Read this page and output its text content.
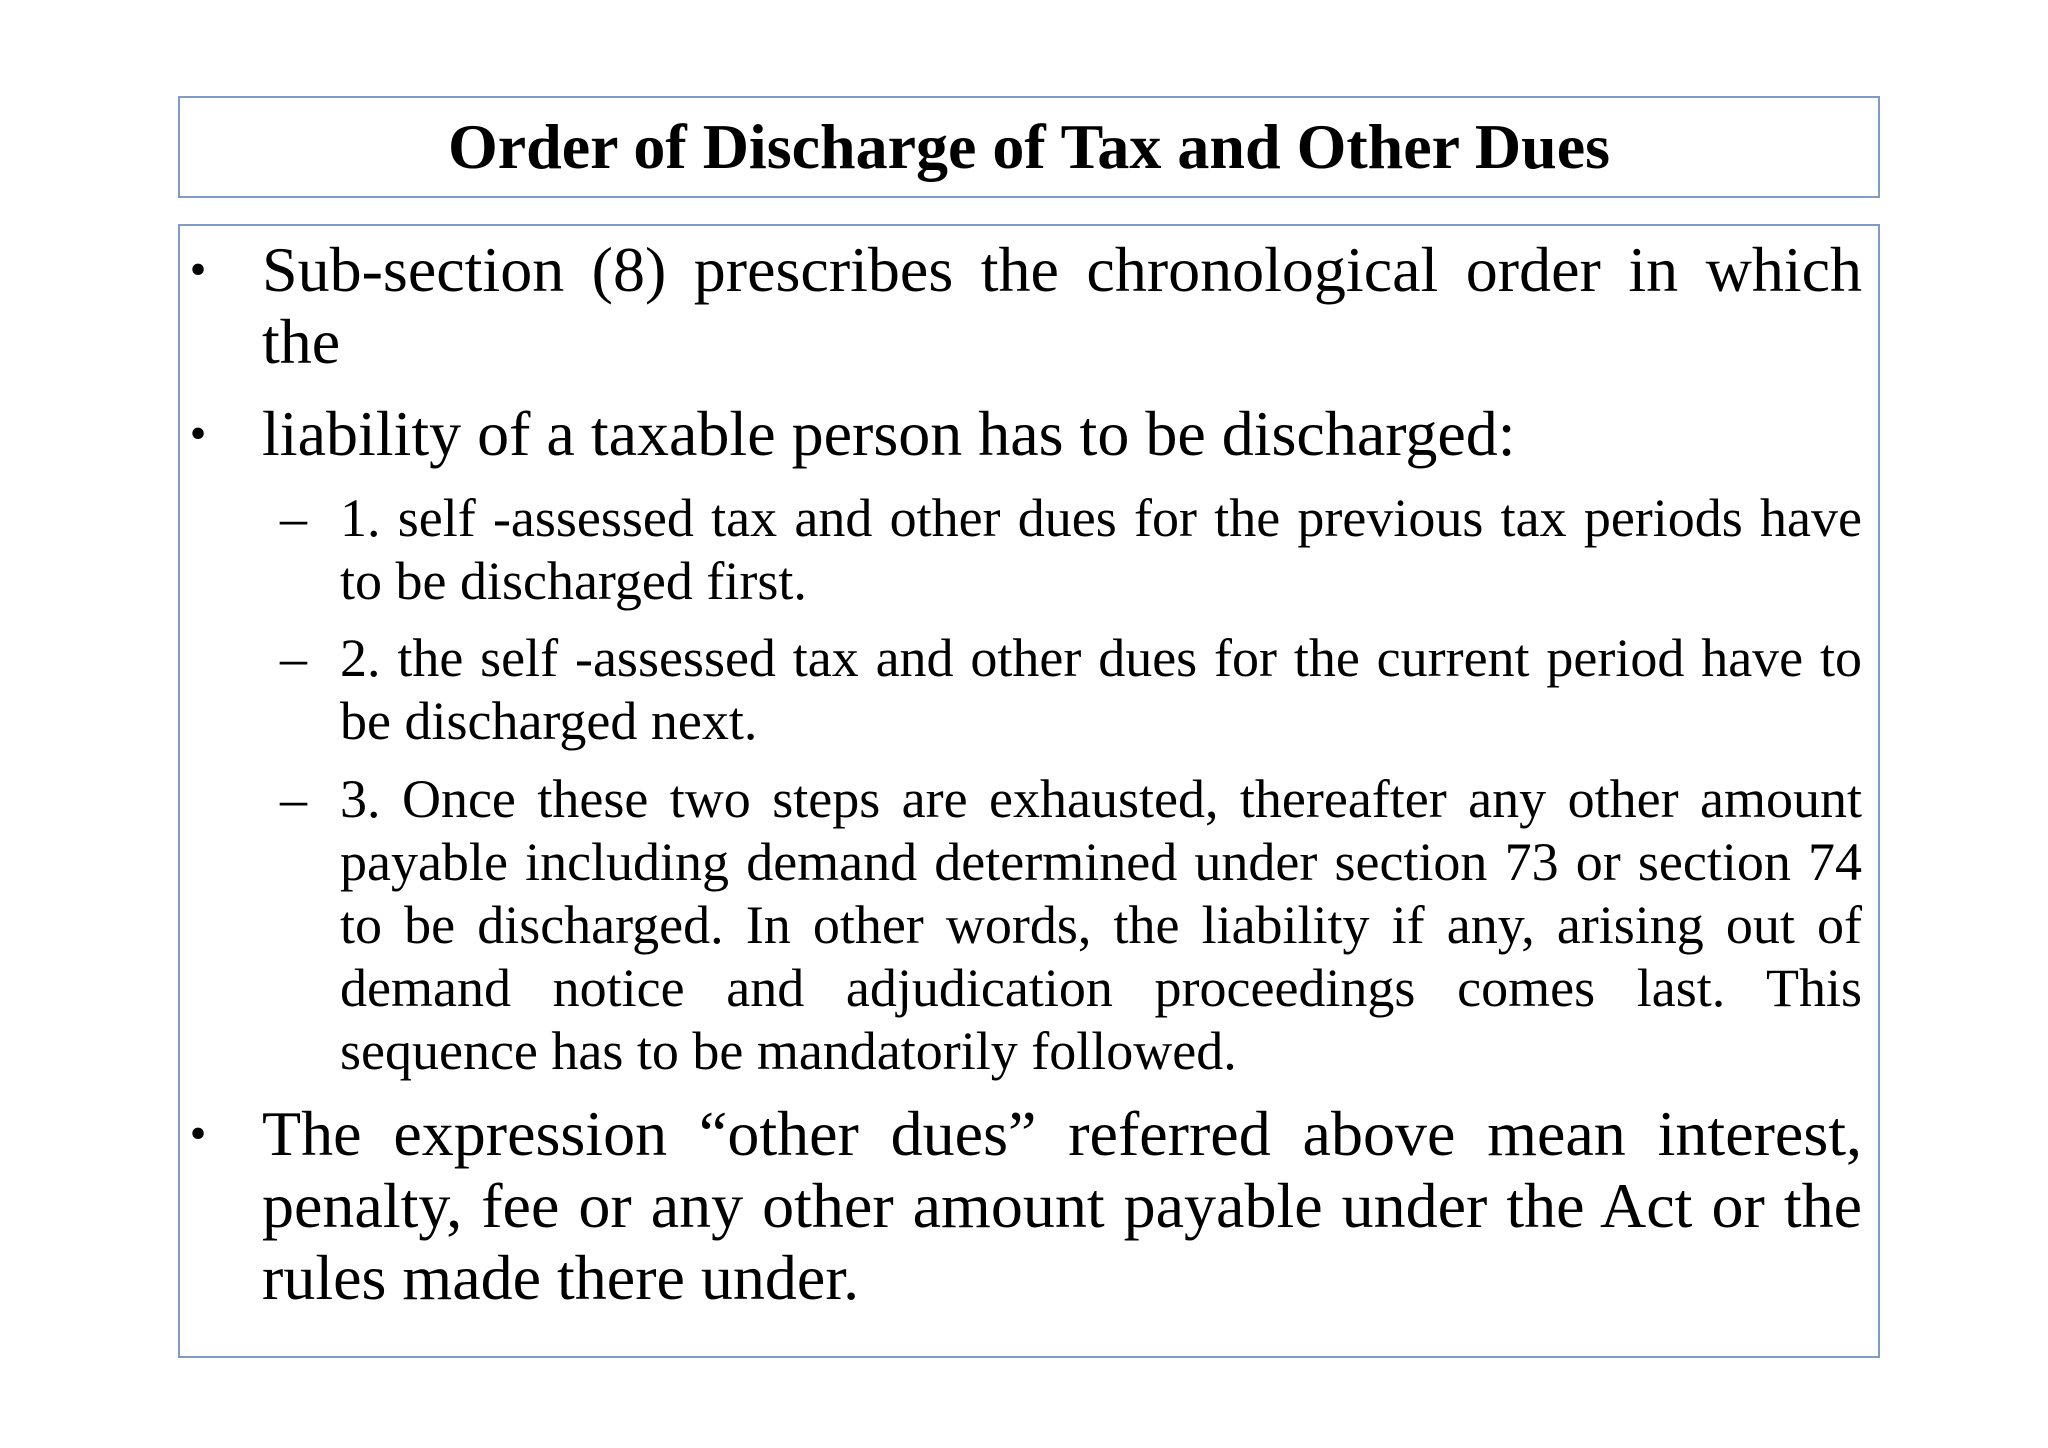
Order of Discharge of Tax and Other Dues
• Sub-section (8) prescribes the chronological order in which the
• liability of a taxable person has to be discharged:
– 1. self -assessed tax and other dues for the previous tax periods have to be discharged first.
– 2. the self -assessed tax and other dues for the current period have to be discharged next.
– 3. Once these two steps are exhausted, thereafter any other amount payable including demand determined under section 73 or section 74 to be discharged. In other words, the liability if any, arising out of demand notice and adjudication proceedings comes last. This sequence has to be mandatorily followed.
• The expression “other dues” referred above mean interest, penalty, fee or any other amount payable under the Act or the rules made there under.
